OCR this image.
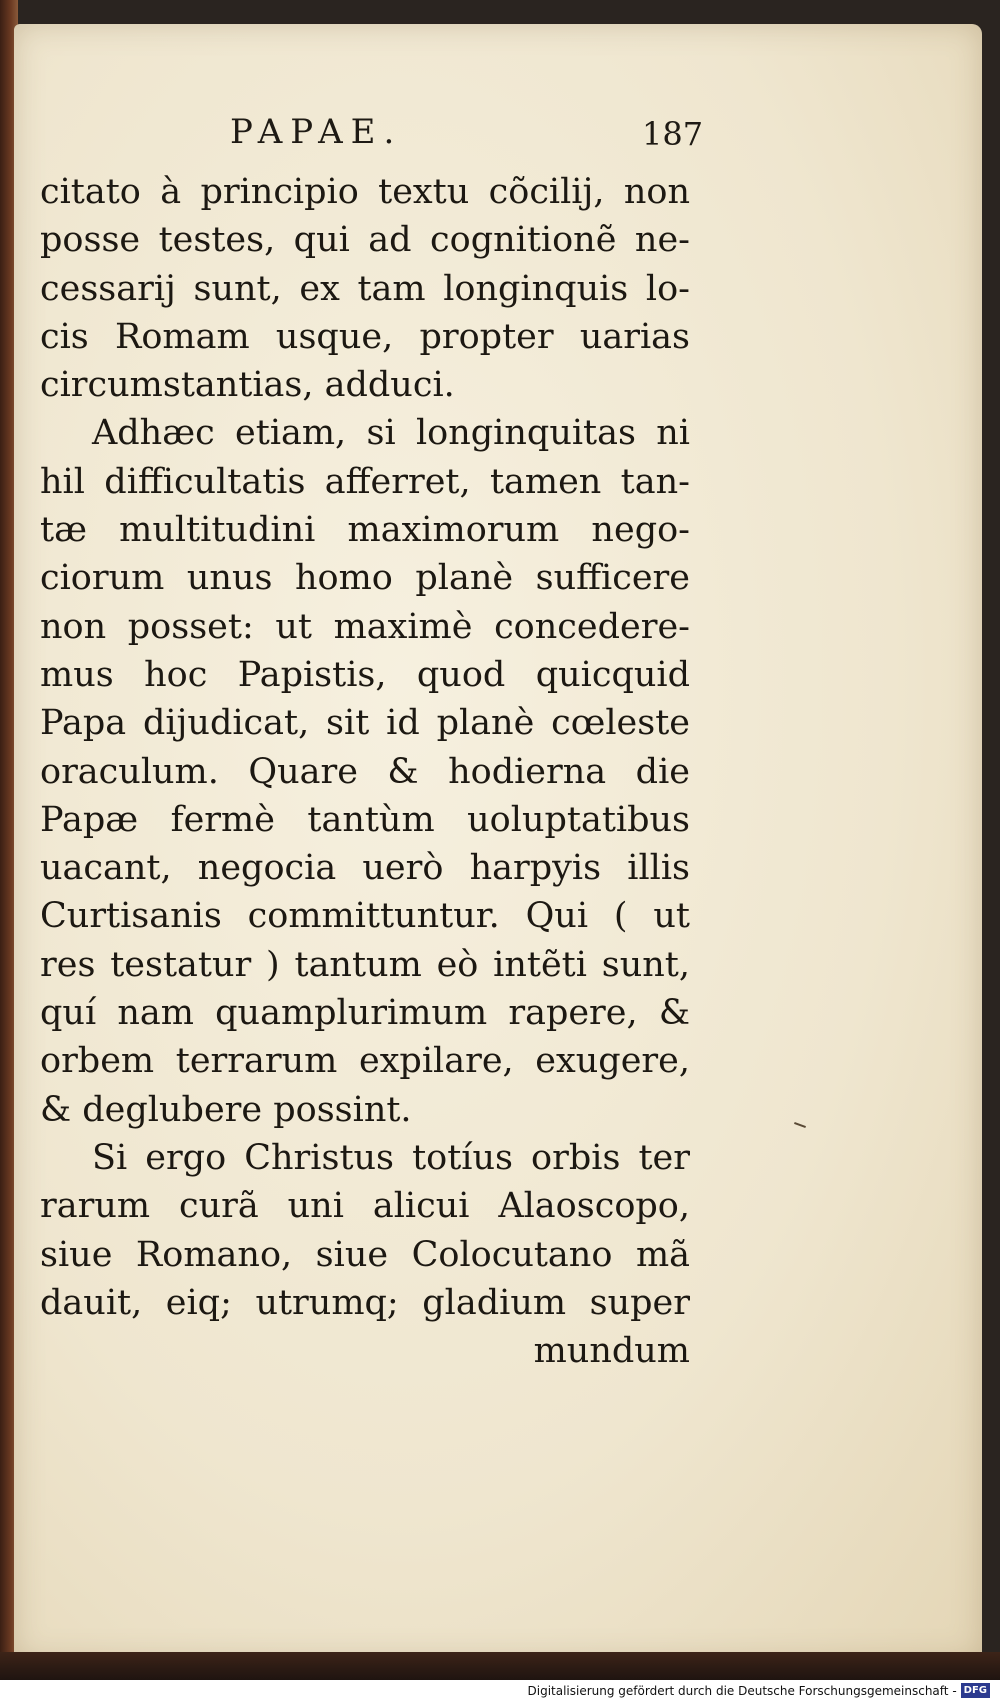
PAPAE.	187
citato à principio textu cõcilij, non
posse testes, qui ad cognitionẽ ne-
cessarij sunt, ex tam longinquis lo-
cis Romam usque, propter uarias
circumstantias, adduci.
Adhæc etiam, si longinquitas ni
hil difficultatis afferret, tamen tan-
tæ multitudini maximorum nego-
ciorum unus homo planè sufficere
non posset: ut maximè concedere-
mus hoc Papistis, quod quicquid
Papa dijudicat, sit id planè cœleste
oraculum. Quare & hodierna die
Papæ fermè tantùm uoluptatibus
uacant, negocia uerò harpyis illis
Curtisanis committuntur. Qui ( ut
res testatur ) tantum eò intẽti sunt,
quí nam quamplurimum rapere, &
orbem terrarum expilare, exugere,
& deglubere possint.
Si ergo Christus totíus orbis ter
rarum curã uni alicui Alaoscopo,
siue Romano, siue Colocutano mã
dauit, eiq; utrumq; gladium super
mundum
Digitalisierung gefördert durch die Deutsche Forschungsgemeinschaft - DFG
